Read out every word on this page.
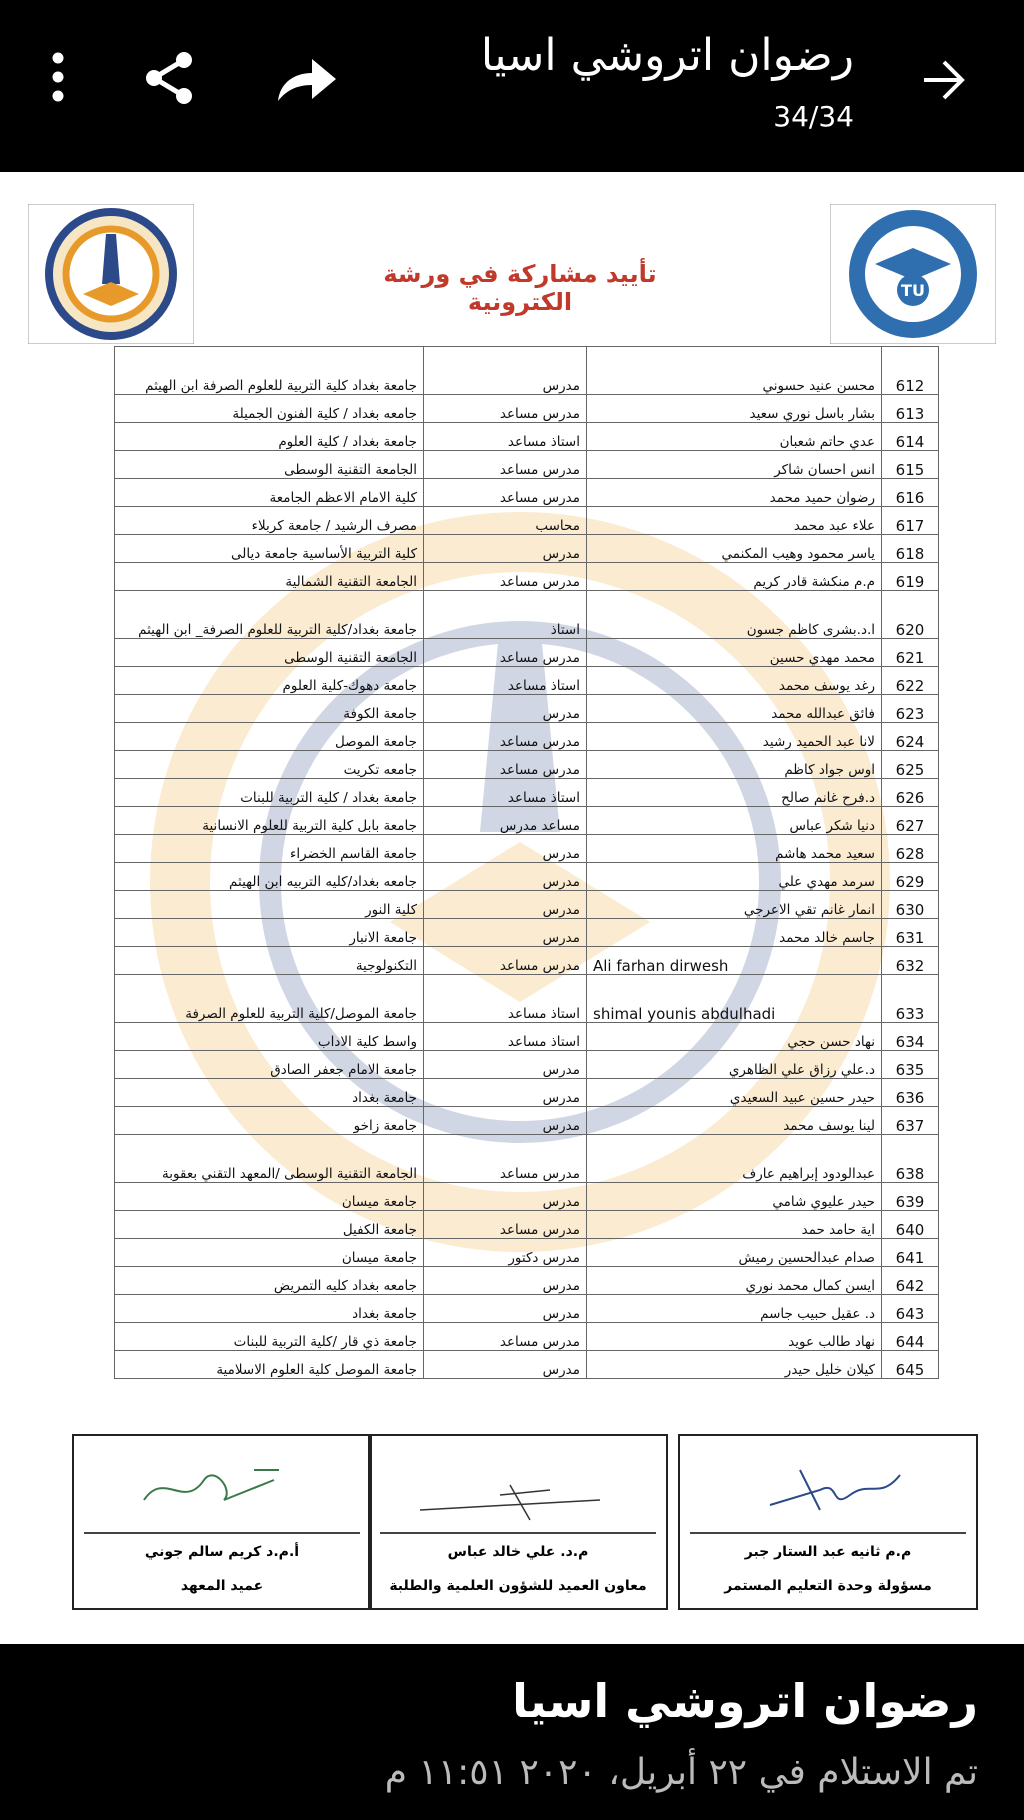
رضوان اتروشي اسيا
34/34
تأييد مشاركة في ورشة الكترونية	TU
جامعة بغداد كلية التربية للعلوم الصرفة ابن الهيثم	مدرس	محسن عنيد حسوني	612
جامعه بغداد / كلية الفنون الجميلة	مدرس مساعد	بشار باسل نوري سعيد	613
جامعة بغداد / كلية العلوم	استاذ مساعد	عدي حاتم شعبان	614
الجامعة التقنية الوسطى	مدرس مساعد	انس احسان شاكر	615
كلية الامام الاعظم الجامعة	مدرس مساعد	رضوان حميد محمد	616
مصرف الرشيد / جامعة كربلاء	محاسب	علاء عبد محمد	617
كلية التربية الأساسية جامعة ديالى	مدرس	ياسر محمود وهيب المكنمي	618
الجامعة التقنية الشمالية	مدرس مساعد	م.م منكشة قادر كريم	619
جامعة بغداد/كلية التربية للعلوم الصرفة_ ابن الهيثم	استاذ	ا.د.بشرى كاظم جسون	620
الجامعة التقنية الوسطى	مدرس مساعد	محمد مهدي حسين	621
جامعة دهوك-كلية العلوم	استاذ مساعد	رغد يوسف محمد	622
جامعة الكوفة	مدرس	فائق عبدالله محمد	623
جامعة الموصل	مدرس مساعد	لانا عبد الحميد رشيد	624
جامعه تكريت	مدرس مساعد	اوس جواد كاظم	625
جامعة بغداد / كلية التربية للبنات	استاذ مساعد	د.فرح غانم صالح	626
جامعة بابل كلية التربية للعلوم الانسانية	مساعد مدرس	دنيا شكر عباس	627
جامعة القاسم الخضراء	مدرس	سعيد محمد هاشم	628
جامعه بغداد/كليه التربيه ابن الهيثم	مدرس	سرمد مهدي علي	629
كلية النور	مدرس	انمار غانم تقي الاعرجي	630
جامعة الانبار	مدرس	جاسم خالد محمد	631
التكنولوجية	مدرس مساعد	Ali farhan dirwesh	632
جامعة الموصل/كلية التربية للعلوم الصرفة	استاذ مساعد	shimal younis abdulhadi	633
واسط كلية الاداب	استاذ مساعد	نهاد حسن حجي	634
جامعة الامام جعفر الصادق	مدرس	د.علي رزاق علي الظاهري	635
جامعة بغداد	مدرس	حيدر حسين عبيد السعيدي	636
جامعة زاخو	مدرس	لينا يوسف محمد	637
الجامعة التقنية الوسطى /المعهد التقني بعقوبة	مدرس مساعد	عبدالودود إبراهيم عارف	638
جامعة ميسان	مدرس	حيدر عليوي شامي	639
جامعة الكفيل	مدرس مساعد	اية حامد حمد	640
جامعة ميسان	مدرس دكتور	صدام عبدالحسين رميش	641
جامعه بغداد كليه التمريض	مدرس	ايسن كمال محمد نوري	642
جامعة بغداد	مدرس	د. عقيل حبيب جاسم	643
جامعة ذي قار /كلية التربية للبنات	مدرس مساعد	نهاد طالب عويد	644
جامعة الموصل كلية العلوم الاسلامية	مدرس	كيلان خليل حيدر	645
أ.م.د كريم سالم جوني
عميد المعهد
م.د. علي خالد عباس
معاون العميد للشؤون العلمية والطلبة
م.م ثانيه عبد الستار جبر
مسؤولة وحدة التعليم المستمر
رضوان اتروشي اسيا
تم الاستلام في ٢٢ أبريل، ٢٠٢٠ ١١:٥١ م
